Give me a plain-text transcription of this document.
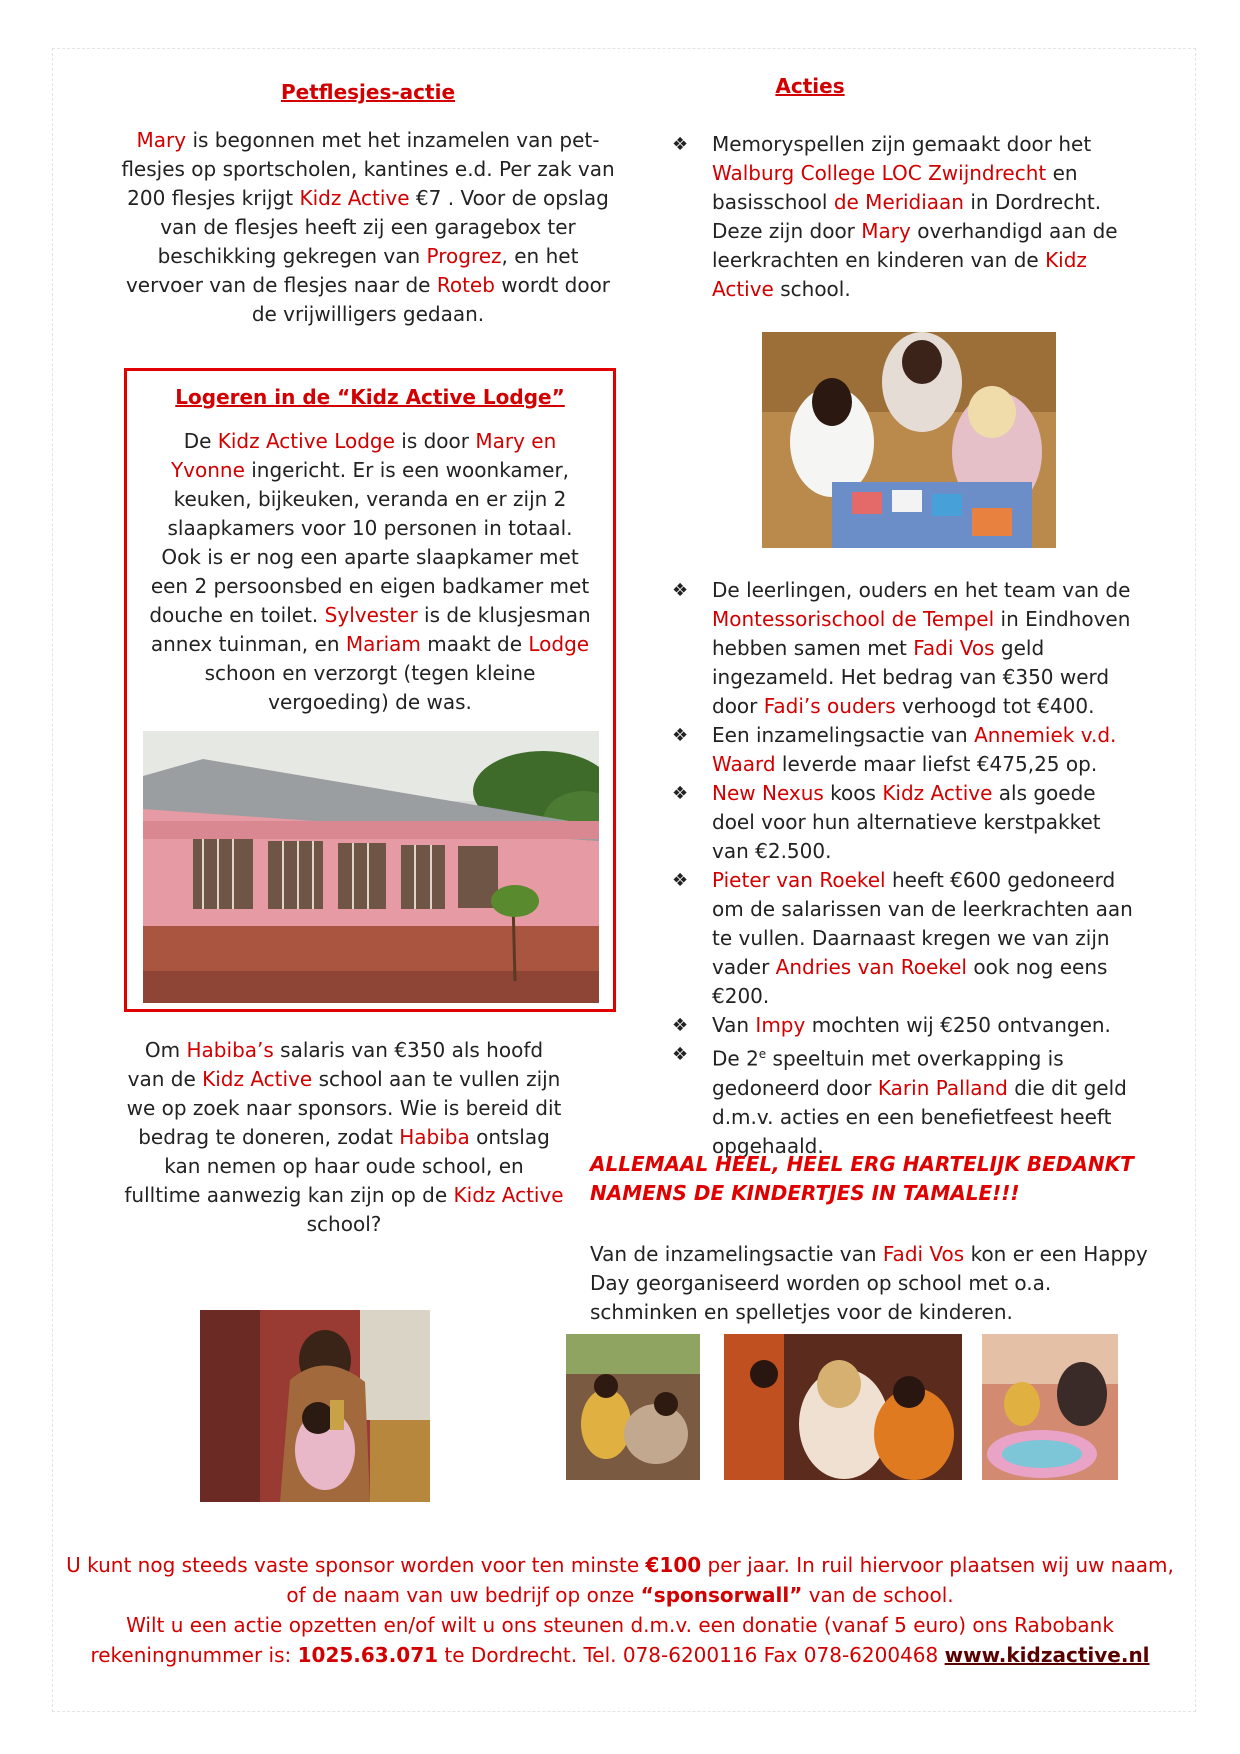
Petflesjes-actie

Mary is begonnen met het inzamelen van pet-flesjes op sportscholen, kantines e.d. Per zak van 200 flesjes krijgt Kidz Active €7 . Voor de opslag van de flesjes heeft zij een garagebox ter beschikking gekregen van Progrez, en het vervoer van de flesjes naar de Roteb wordt door de vrijwilligers gedaan.

Logeren in de “Kidz Active Lodge”

De Kidz Active Lodge is door Mary en Yvonne ingericht. Er is een woonkamer, keuken, bijkeuken, veranda en er zijn 2 slaapkamers voor 10 personen in totaal. Ook is er nog een aparte slaapkamer met een 2 persoonsbed en eigen badkamer met douche en toilet. Sylvester is de klusjesman annex tuinman, en Mariam maakt de Lodge schoon en verzorgt (tegen kleine vergoeding) de was.

Om Habiba’s salaris van €350 als hoofd van de Kidz Active school aan te vullen zijn we op zoek naar sponsors. Wie is bereid dit bedrag te doneren, zodat Habiba ontslag kan nemen op haar oude school, en fulltime aanwezig kan zijn op de Kidz Active school?

Acties

❖ Memoryspellen zijn gemaakt door het Walburg College LOC Zwijndrecht en basisschool de Meridiaan in Dordrecht. Deze zijn door Mary overhandigd aan de leerkrachten en kinderen van de Kidz Active school.
❖ De leerlingen, ouders en het team van de Montessorischool de Tempel in Eindhoven hebben samen met Fadi Vos geld ingezameld. Het bedrag van €350 werd door Fadi’s ouders verhoogd tot €400.
❖ Een inzamelingsactie van Annemiek v.d. Waard leverde maar liefst €475,25 op.
❖ New Nexus koos Kidz Active als goede doel voor hun alternatieve kerstpakket van €2.500.
❖ Pieter van Roekel heeft €600 gedoneerd om de salarissen van de leerkrachten aan te vullen. Daarnaast kregen we van zijn vader Andries van Roekel ook nog eens €200.
❖ Van Impy mochten wij €250 ontvangen.
❖ De 2e speeltuin met overkapping is gedoneerd door Karin Palland die dit geld d.m.v. acties en een benefietfeest heeft opgehaald.

ALLEMAAL HEEL, HEEL ERG HARTELIJK BEDANKT NAMENS DE KINDERTJES IN TAMALE!!!

Van de inzamelingsactie van Fadi Vos kon er een Happy Day georganiseerd worden op school met o.a. schminken en spelletjes voor de kinderen.

U kunt nog steeds vaste sponsor worden voor ten minste €100 per jaar. In ruil hiervoor plaatsen wij uw naam, of de naam van uw bedrijf op onze “sponsorwall” van de school.
Wilt u een actie opzetten en/of wilt u ons steunen d.m.v. een donatie (vanaf 5 euro) ons Rabobank rekeningnummer is: 1025.63.071 te Dordrecht. Tel. 078-6200116 Fax 078-6200468 www.kidzactive.nl
